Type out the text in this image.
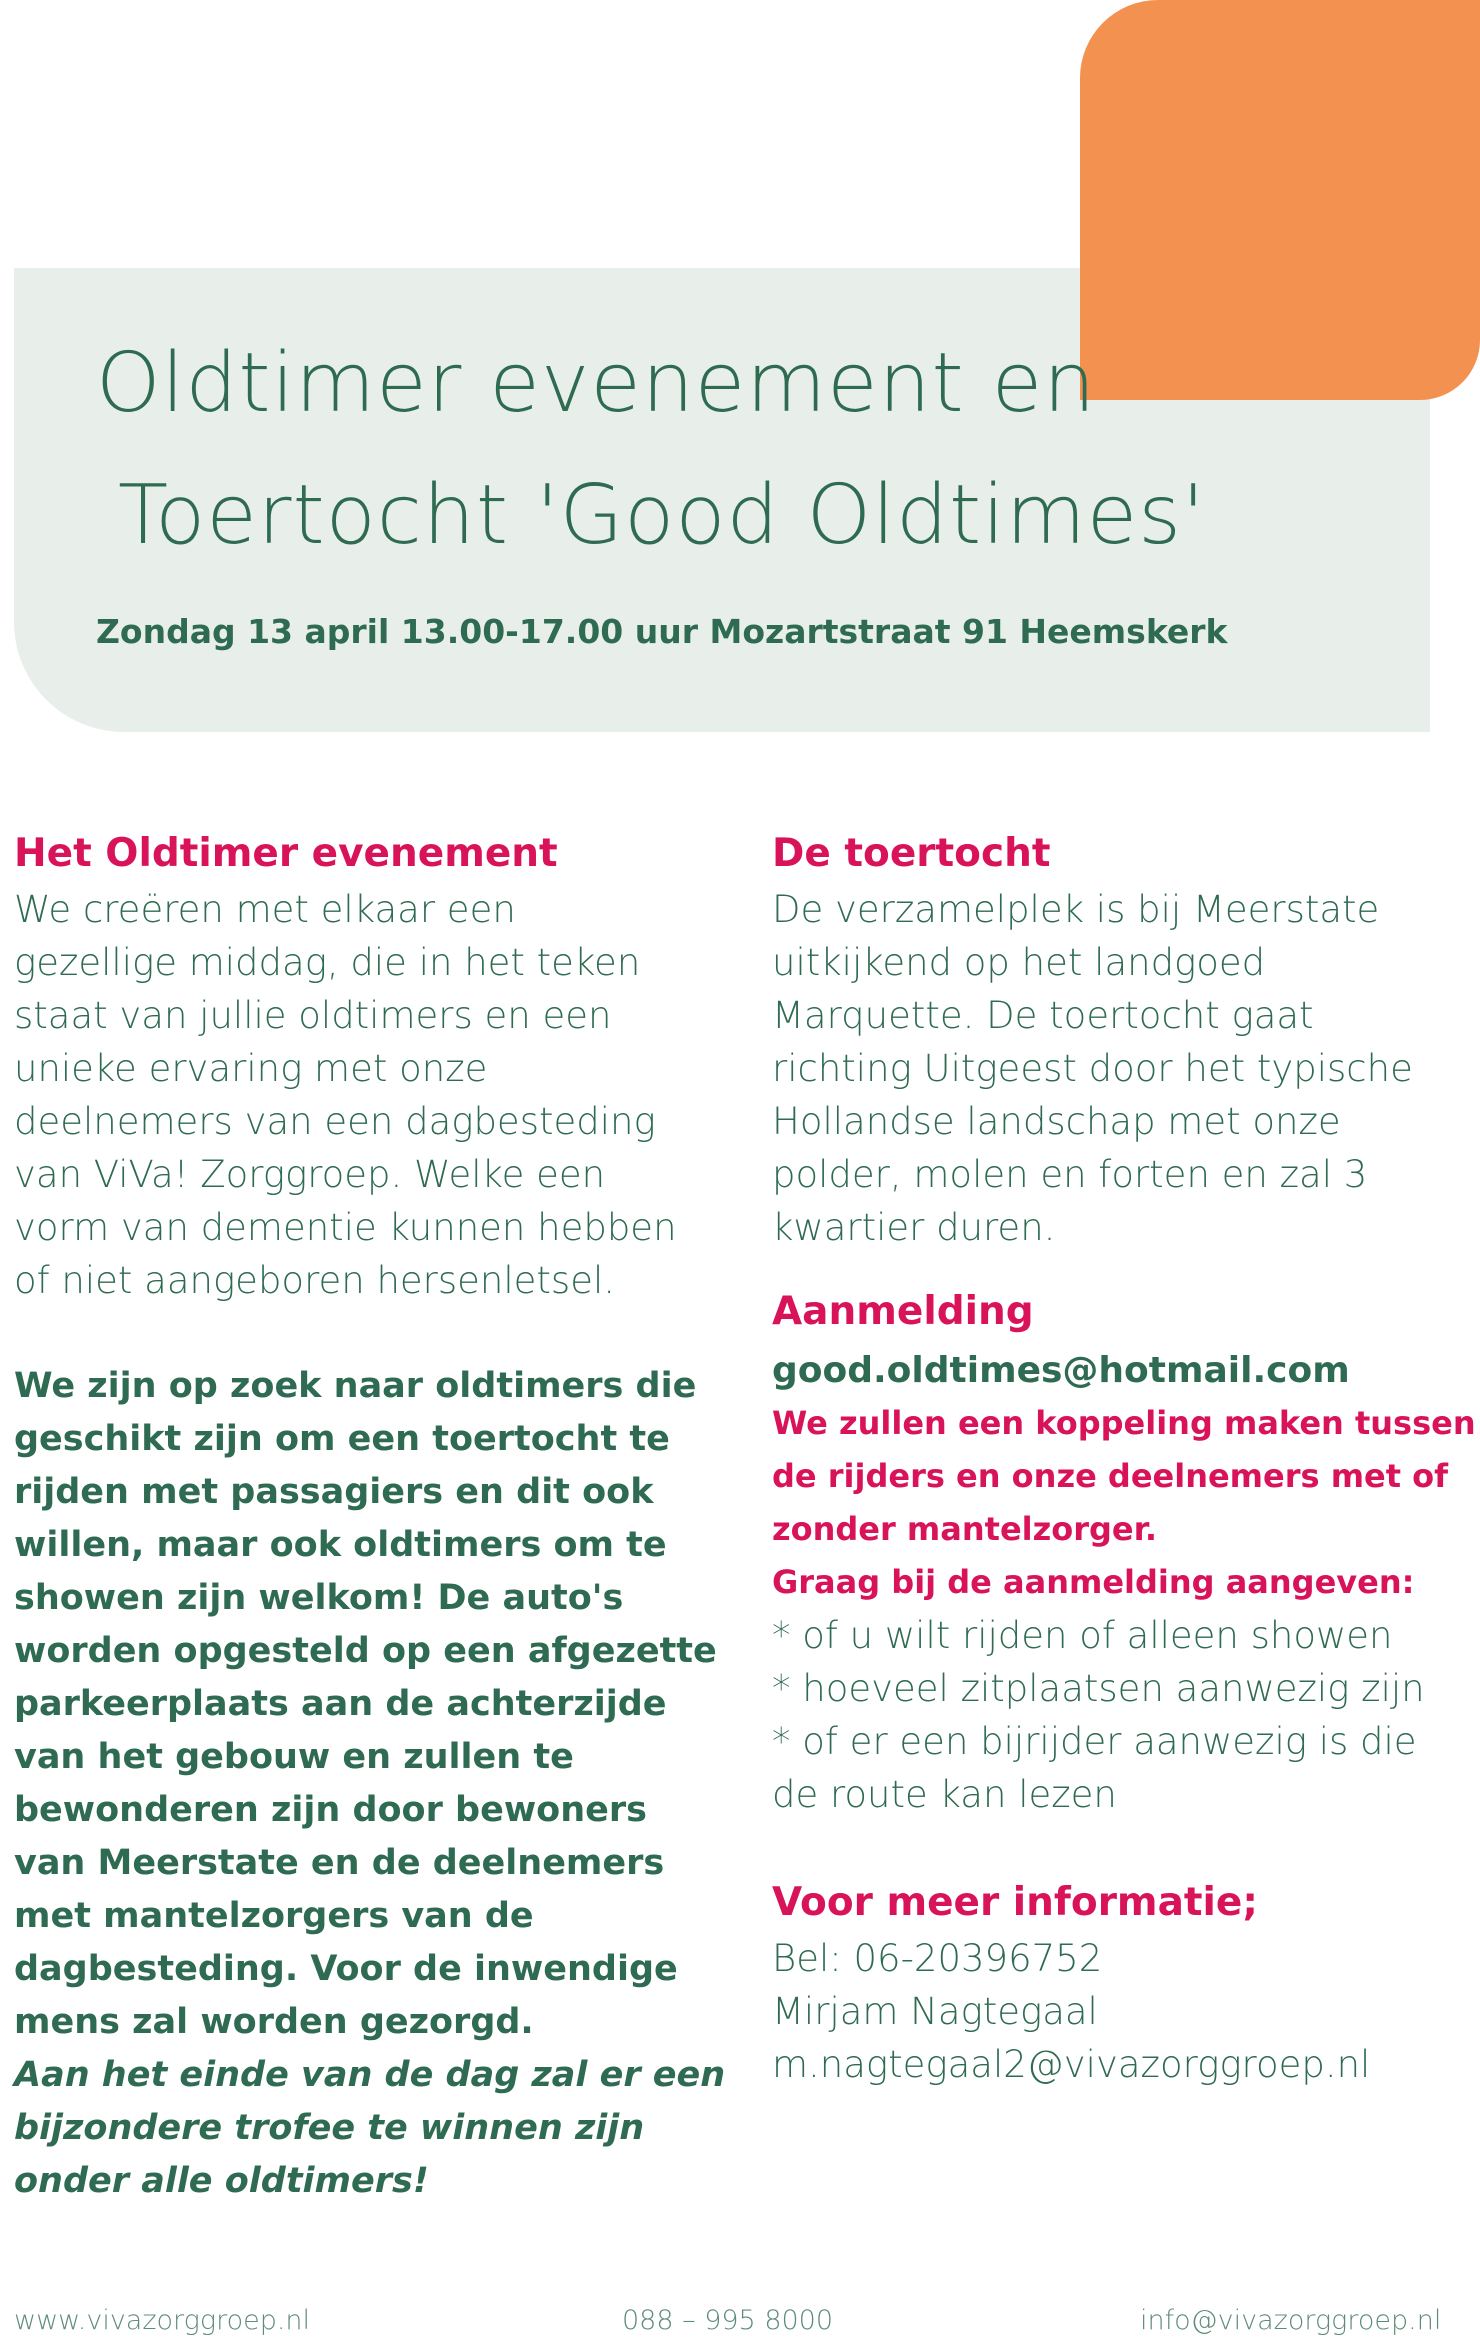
Oldtimer evenement en
Toertocht 'Good Oldtimes'
Zondag 13 april 13.00-17.00 uur Mozartstraat 91 Heemskerk

Het Oldtimer evenement

We creëren met elkaar een
gezellige middag, die in het teken
staat van jullie oldtimers en een
unieke ervaring met onze
deelnemers van een dagbesteding
van ViVa! Zorggroep. Welke een
vorm van dementie kunnen hebben
of niet aangeboren hersenletsel.

We zijn op zoek naar oldtimers die
geschikt zijn om een toertocht te
rijden met passagiers en dit ook
willen, maar ook oldtimers om te
showen zijn welkom! De auto's
worden opgesteld op een afgezette
parkeerplaats aan de achterzijde
van het gebouw en zullen te
bewonderen zijn door bewoners
van Meerstate en de deelnemers
met mantelzorgers van de
dagbesteding. Voor de inwendige
mens zal worden gezorgd.

Aan het einde van de dag zal er een
bijzondere trofee te winnen zijn
onder alle oldtimers!

De toertocht

De verzamelplek is bij Meerstate
uitkijkend op het landgoed
Marquette. De toertocht gaat
richting Uitgeest door het typische
Hollandse landschap met onze
polder, molen en forten en zal 3
kwartier duren.

Aanmelding

good.oldtimes@hotmail.com

We zullen een koppeling maken tussen
de rijders en onze deelnemers met of
zonder mantelzorger.
Graag bij de aanmelding aangeven:

* of u wilt rijden of alleen showen
* hoeveel zitplaatsen aanwezig zijn
* of er een bijrijder aanwezig is die
de route kan lezen

Voor meer informatie;

Bel: 06-20396752
Mirjam Nagtegaal
m.nagtegaal2@vivazorggroep.nl

www.vivazorggroep.nl	088 – 995 8000	info@vivazorggroep.nl
